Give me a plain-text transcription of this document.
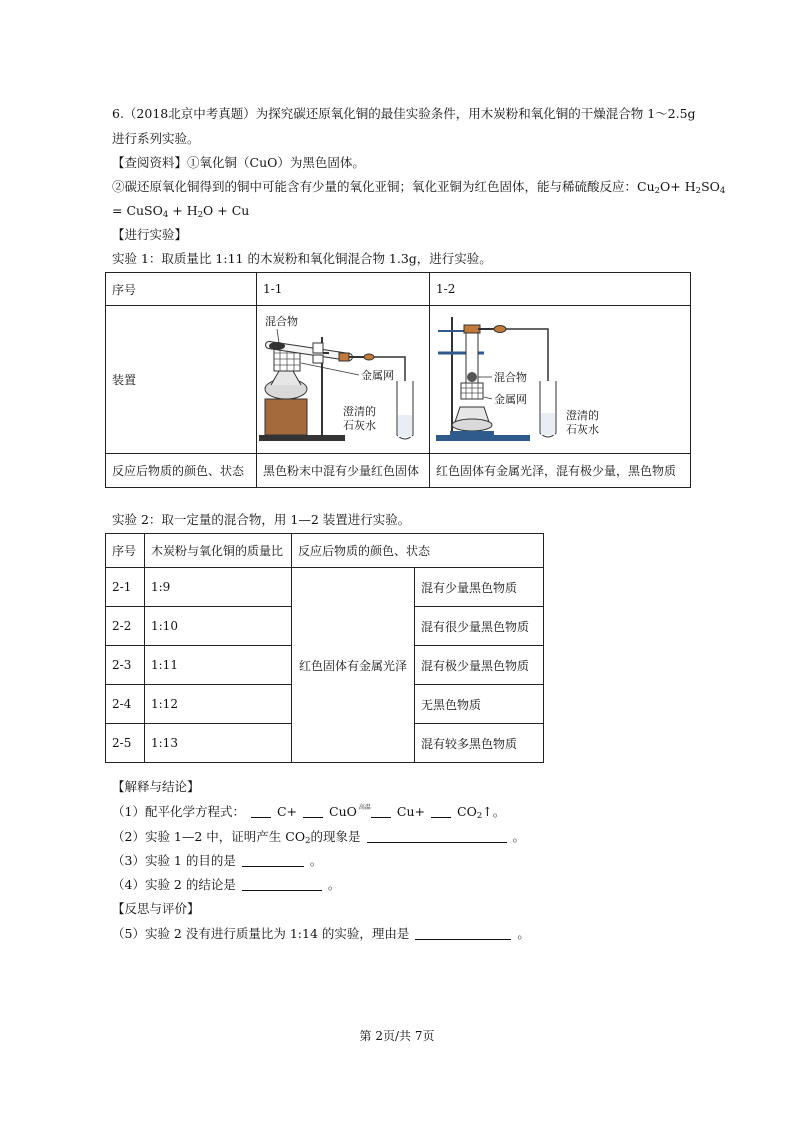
6.（2018北京中考真题）为探究碳还原氧化铜的最佳实验条件，用木炭粉和氧化铜的干燥混合物 1～2.5g
进行系列实验。
【查阅资料】①氧化铜（CuO）为黑色固体。
②碳还原氧化铜得到的铜中可能含有少量的氧化亚铜；氧化亚铜为红色固体，能与稀硫酸反应：$Cu_2O+ H_2SO_4$
= CuSO$_4$ + $H_2O + Cu$
【进行实验】
实验 1：取质量比 1:11 的木炭粉和氧化铜混合物 1.3g，进行实验。
序号	1-1	1-2
装置	混合物
金属网
澄清的
石灰水	混合物
金属网
澄清的
石灰水

反应后物质的颜色、状态	黑色粉末中混有少量红色固体	红色固体有金属光泽，混有极少量，黑色物质
实验 2：取一定量的混合物，用 1—2 装置进行实验。
序号	木炭粉与氧化铜的质量比	反应后物质的颜色、状态	
2-1	1:9	红色固体有金属光泽	混有少量黑色物质
2-2	1:10		混有很少量黑色物质
2-3	1:11		混有极少量黑色物质
2-4	1:12		无黑色物质
2-5	1:13		混有较多黑色物质
【解释与结论】
（1）配平化学方程式：	C+	CuO $^{高温}$ Cu+	$CO_2↑$。
（2）实验 1—2 中，证明产生 $CO_2$的现象是	。
（3）实验 1 的目的是	。
（4）实验 2 的结论是	。
【反思与评价】
（5）实验 2 没有进行质量比为 1:14 的实验，理由是	。
第 2页/共 7页
